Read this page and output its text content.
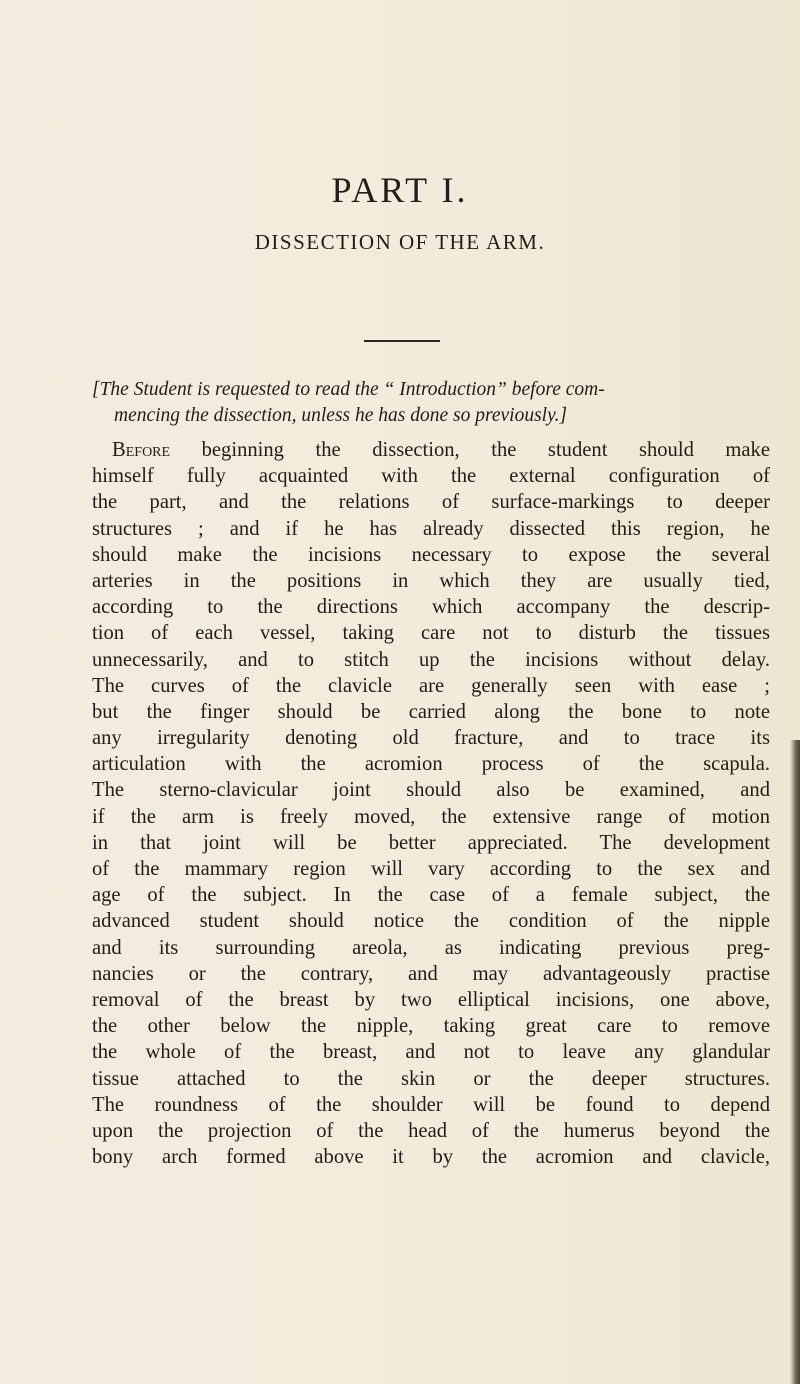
PART I.
DISSECTION OF THE ARM.
[The Student is requested to read the “ Introduction” before com-
mencing the dissection, unless he has done so previously.]
Before beginning the dissection, the student should make
himself fully acquainted with the external configuration of
the part, and the relations of surface-markings to deeper
structures ; and if he has already dissected this region, he
should make the incisions necessary to expose the several
arteries in the positions in which they are usually tied,
according to the directions which accompany the descrip-
tion of each vessel, taking care not to disturb the tissues
unnecessarily, and to stitch up the incisions without delay.
The curves of the clavicle are generally seen with ease ;
but the finger should be carried along the bone to note
any irregularity denoting old fracture, and to trace its
articulation with the acromion process of the scapula.
The sterno-clavicular joint should also be examined, and
if the arm is freely moved, the extensive range of motion
in that joint will be better appreciated. The development
of the mammary region will vary according to the sex and
age of the subject. In the case of a female subject, the
advanced student should notice the condition of the nipple
and its surrounding areola, as indicating previous preg-
nancies or the contrary, and may advantageously practise
removal of the breast by two elliptical incisions, one above,
the other below the nipple, taking great care to remove
the whole of the breast, and not to leave any glandular
tissue attached to the skin or the deeper structures.
The roundness of the shoulder will be found to depend
upon the projection of the head of the humerus beyond the
bony arch formed above it by the acromion and clavicle,
